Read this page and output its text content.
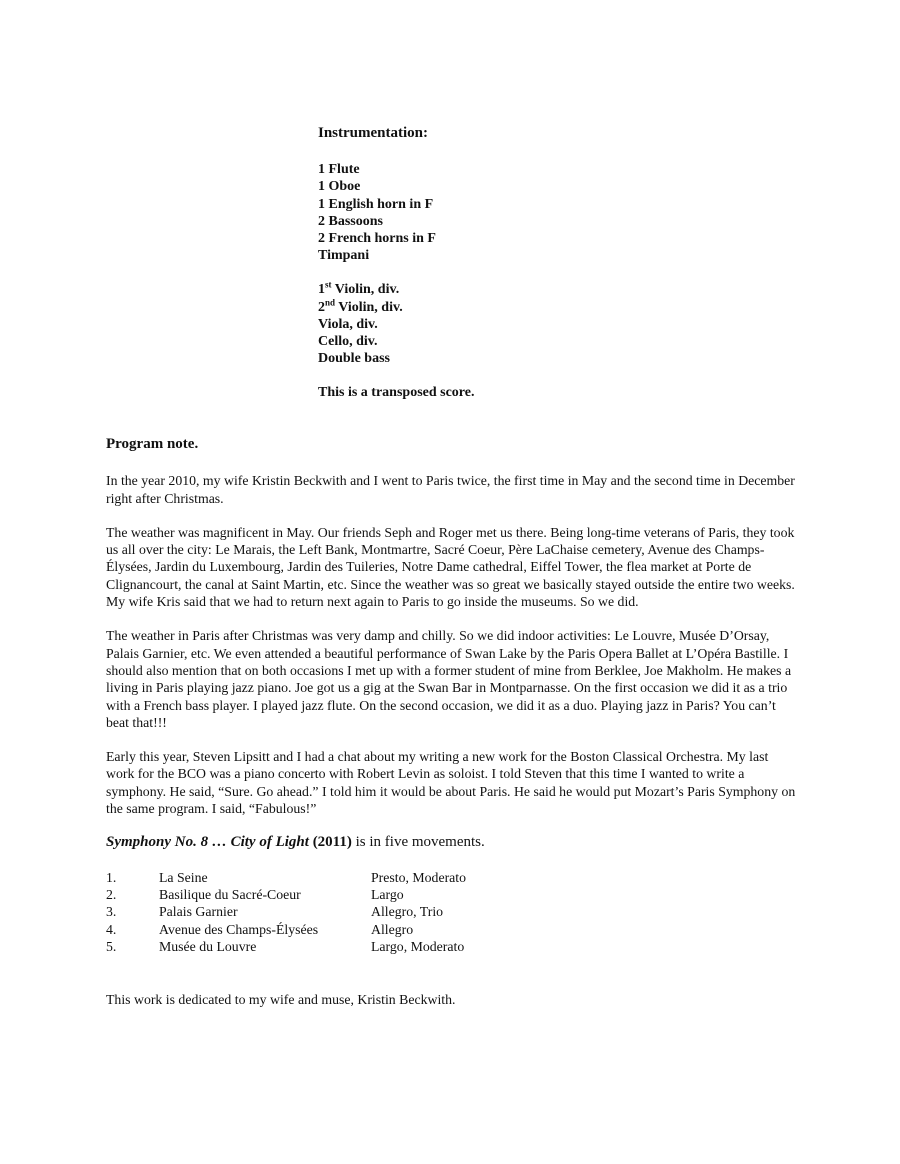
Instrumentation:
1 Flute
1 Oboe
1 English horn in F
2 Bassoons
2 French horns in F
Timpani
1st Violin, div.
2nd Violin, div.
Viola, div.
Cello, div.
Double bass
This is a transposed score.
Program note.

In the year 2010, my wife Kristin Beckwith and I went to Paris twice, the first time in May and the second time in December right after Christmas.

The weather was magnificent in May. Our friends Seph and Roger met us there. Being long-time veterans of Paris, they took us all over the city: Le Marais, the Left Bank, Montmartre, Sacré Coeur, Père LaChaise cemetery, Avenue des Champs-Élysées, Jardin du Luxembourg, Jardin des Tuileries, Notre Dame cathedral, Eiffel Tower, the flea market at Porte de Clignancourt, the canal at Saint Martin, etc. Since the weather was so great we basically stayed outside the entire two weeks. My wife Kris said that we had to return next again to Paris to go inside the museums. So we did.

The weather in Paris after Christmas was very damp and chilly. So we did indoor activities: Le Louvre, Musée D’Orsay, Palais Garnier, etc. We even attended a beautiful performance of Swan Lake by the Paris Opera Ballet at L’Opéra Bastille. I should also mention that on both occasions I met up with a former student of mine from Berklee, Joe Makholm. He makes a living in Paris playing jazz piano. Joe got us a gig at the Swan Bar in Montparnasse. On the first occasion we did it as a trio with a French bass player. I played jazz flute. On the second occasion, we did it as a duo. Playing jazz in Paris? You can’t beat that!!!

Early this year, Steven Lipsitt and I had a chat about my writing a new work for the Boston Classical Orchestra. My last work for the BCO was a piano concerto with Robert Levin as soloist. I told Steven that this time I wanted to write a symphony. He said, “Sure. Go ahead.” I told him it would be about Paris. He said he would put Mozart’s Paris Symphony on the same program. I said, “Fabulous!”

Symphony No. 8 … City of Light (2011) is in five movements.

1.	La Seine	Presto, Moderato
2.	Basilique du Sacré-Coeur	Largo
3.	Palais Garnier	Allegro, Trio
4.	Avenue des Champs-Élysées	Allegro
5.	Musée du Louvre	Largo, Moderato

This work is dedicated to my wife and muse, Kristin Beckwith.
